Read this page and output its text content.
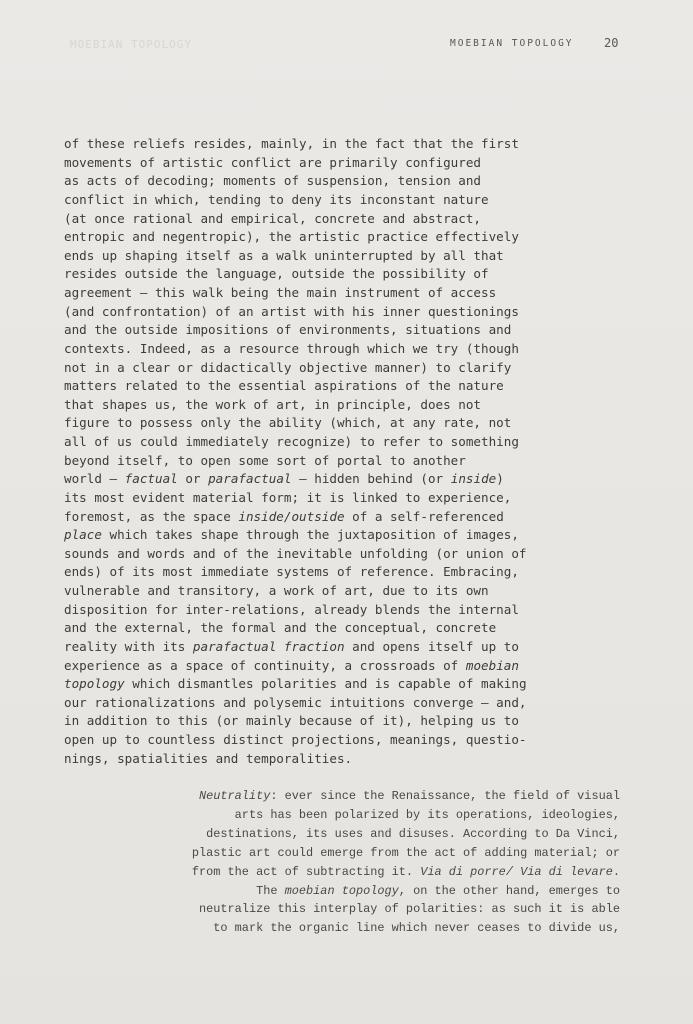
MOEBIAN TOPOLOGY	MOEBIAN TOPOLOGY	20
of these reliefs resides, mainly, in the fact that the first
movements of artistic conflict are primarily configured
as acts of decoding; moments of suspension, tension and
conflict in which, tending to deny its inconstant nature
(at once rational and empirical, concrete and abstract,
entropic and negentropic), the artistic practice effectively
ends up shaping itself as a walk uninterrupted by all that
resides outside the language, outside the possibility of
agreement – this walk being the main instrument of access
(and confrontation) of an artist with his inner questionings
and the outside impositions of environments, situations and
contexts. Indeed, as a resource through which we try (though
not in a clear or didactically objective manner) to clarify
matters related to the essential aspirations of the nature
that shapes us, the work of art, in principle, does not
figure to possess only the ability (which, at any rate, not
all of us could immediately recognize) to refer to something
beyond itself, to open some sort of portal to another
world – factual or parafactual – hidden behind (or inside)
its most evident material form; it is linked to experience,
foremost, as the space inside/outside of a self-referenced
place which takes shape through the juxtaposition of images,
sounds and words and of the inevitable unfolding (or union of
ends) of its most immediate systems of reference. Embracing,
vulnerable and transitory, a work of art, due to its own
disposition for inter-relations, already blends the internal
and the external, the formal and the conceptual, concrete
reality with its parafactual fraction and opens itself up to
experience as a space of continuity, a crossroads of moebian
topology which dismantles polarities and is capable of making
our rationalizations and polysemic intuitions converge – and,
in addition to this (or mainly because of it), helping us to
open up to countless distinct projections, meanings, questio-
nings, spatialities and temporalities.
Neutrality: ever since the Renaissance, the field of visual
arts has been polarized by its operations, ideologies,
destinations, its uses and disuses. According to Da Vinci,
plastic art could emerge from the act of adding material; or
from the act of subtracting it. Via di porre/ Via di levare.
The moebian topology, on the other hand, emerges to
neutralize this interplay of polarities: as such it is able
to mark the organic line which never ceases to divide us,
